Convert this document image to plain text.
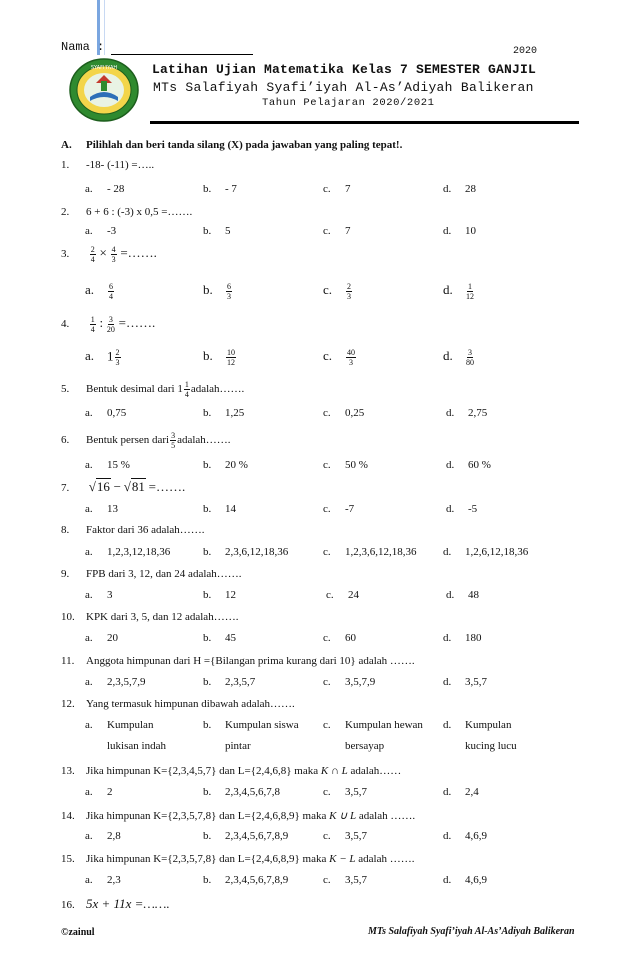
Nama :	2020
SYAFI'IYAH	Latihan Ujian Matematika Kelas 7 SEMESTER GANJIL
MTs Salafiyah Syafi’iyah Al-As’Adiyah Balikeran
Tahun Pelajaran 2020/2021
A. Pilihlah dan beri tanda silang (X) pada jawaban yang paling tepat!.
1. -18- (-11) =…..
a. - 28	b. - 7	c. 7	d. 28
2. 6 + 6 : (-3) x 0,5 =…….
a. -3	b. 5	c. 7	d. 10
3.	$\frac{2}{4} \times \frac{4}{3}$ =…….
a. $\frac{6}{4}$	b. $\frac{6}{3}$	c. $\frac{2}{3}$	d. $\frac{1}{12}$
4.	$\frac{1}{4}$ : $\frac{3}{20}$ =…….
a. $1 \frac{2}{3}$	b. $\frac{10}{12}$	c. $\frac{40}{3}$	d. $\frac{3}{80}$
5. Bentuk desimal dari $1 \frac{1}{4}$ adalah…….
a. 0,75	b. 1,25	c. 0,25	d. 2,75
6. Bentuk persen dari $\frac{3}{5}$ adalah…….
a. 15 %	b. 20 %	c. 50 %	d. 60 %
7. √16 − √81 =…….
a. 13	b. 14	c. -7	d. -5
8. Faktor dari 36 adalah…….
a. 1,2,3,12,18,36	b. 2,3,6,12,18,36	c. 1,2,3,6,12,18,36 d. 1,2,6,12,18,36
9. FPB dari 3, 12, dan 24 adalah…….
a. 3	b. 12	c. 24	d. 48
10. KPK dari 3, 5, dan 12 adalah…….
a. 20	b. 45	c. 60	d. 180
11. Anggota himpunan dari H ={Bilangan prima kurang dari 10} adalah …….
a. 2,3,5,7,9	b. 2,3,5,7	c. 3,5,7,9	d. 3,5,7
12. Yang termasuk himpunan dibawah adalah…….
a. Kumpulan
lukisan indah
b. Kumpulan siswa
pintar
c. Kumpulan hewan
bersayap
d. Kumpulan
kucing lucu
13. Jika himpunan K={2,3,4,5,7} dan L={2,4,6,8} maka K ∩ L adalah……
a. 2	b. 2,3,4,5,6,7,8	c. 3,5,7	d. 2,4
14. Jika himpunan K={2,3,5,7,8} dan L={2,4,6,8,9} maka K ∪ L adalah …….
a. 2,8	b. 2,3,4,5,6,7,8,9	c. 3,5,7	d. 4,6,9
15. Jika himpunan K={2,3,5,7,8} dan L={2,4,6,8,9} maka K − L adalah …….
a. 2,3	b. 2,3,4,5,6,7,8,9	c. 3,5,7	d. 4,6,9
16. 5x + 11x =…….
©zainul	MTs Salafiyah Syafi’iyah Al-As’Adiyah Balikeran
